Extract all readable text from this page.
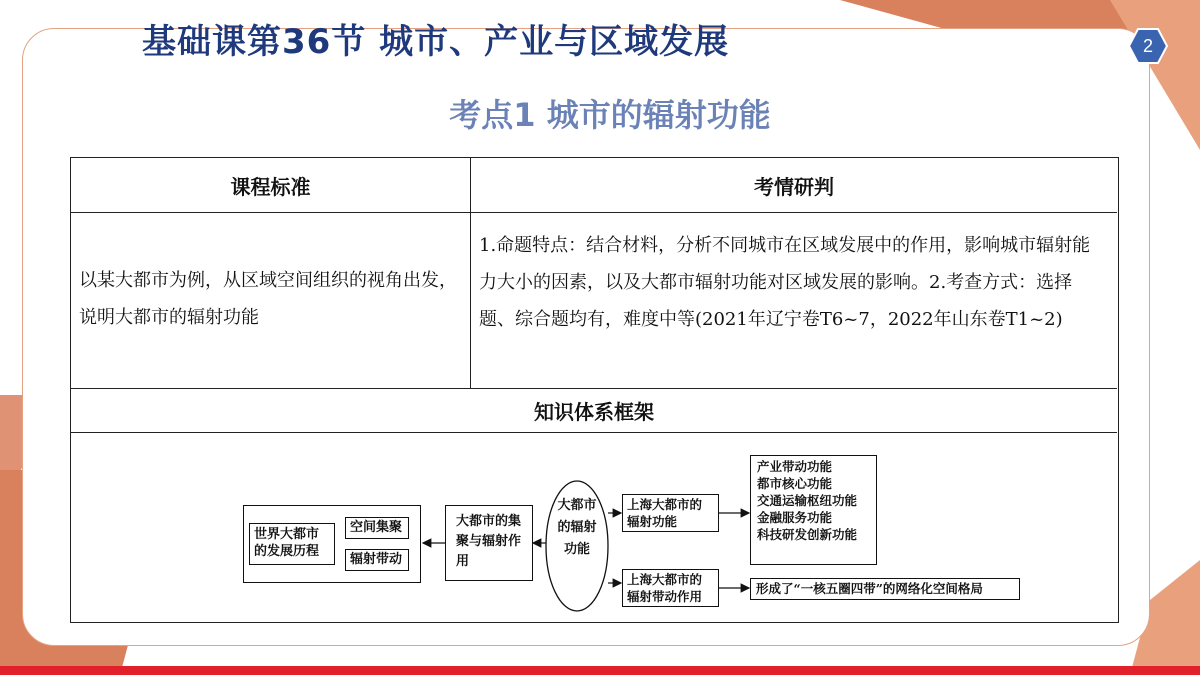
基础课第36节 城市、产业与区域发展	2
考点1 城市的辐射功能
课程标准	考情研判
以某大都市为例，从区域空间组织的视角出发，说明大都市的辐射功能
1.命题特点：结合材料，分析不同城市在区域发展中的作用，影响城市辐射能力大小的因素，以及大都市辐射功能对区域发展的影响。2.考查方式：选择题、综合题均有，难度中等(2021年辽宁卷T6~7，2022年山东卷T1~2)
知识体系框架
世界大都市的发展历程
空间集聚
辐射带动
大都市的集聚与辐射作用
大都市的辐射功能
上海大都市的辐射功能
上海大都市的辐射带动作用
产业带动功能
都市核心功能
交通运输枢纽功能
金融服务功能
科技研发创新功能
形成了“一核五圈四带”的网络化空间格局
